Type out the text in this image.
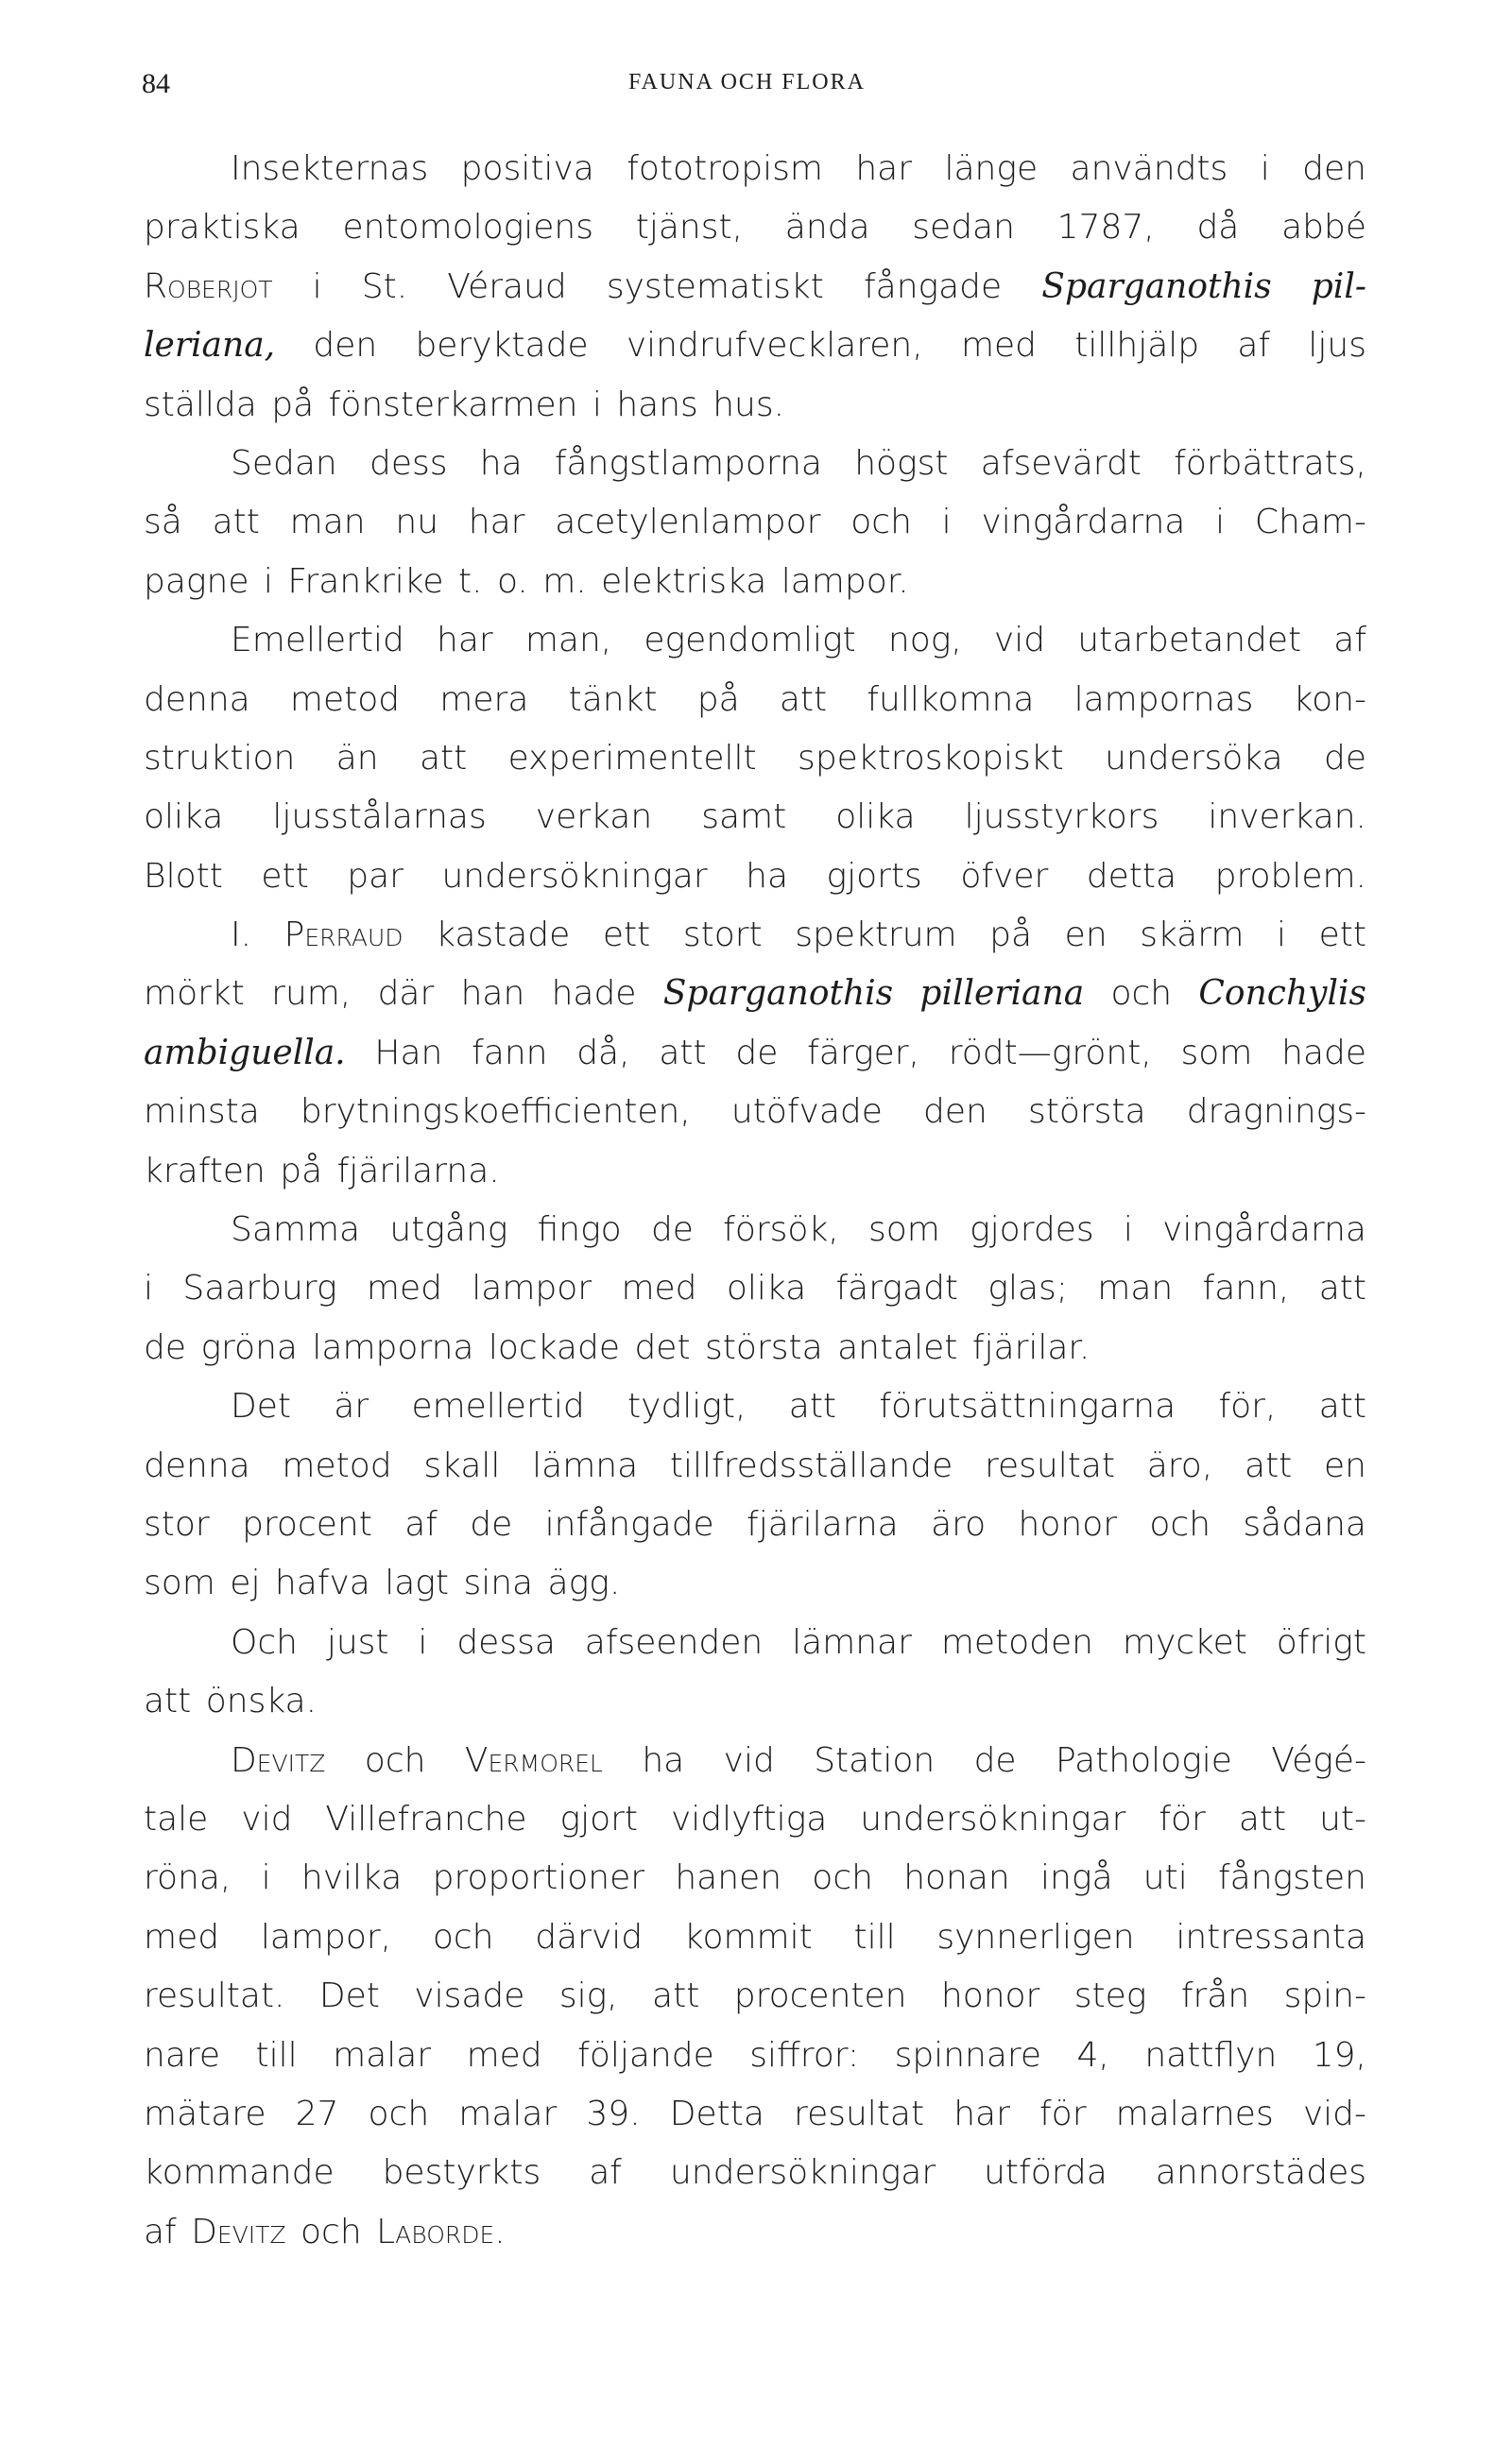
84	FAUNA OCH FLORA
Insekternas positiva fototropism har länge användts i den
praktiska entomologiens tjänst, ända sedan 1787, då abbé
Roberjot i St. Véraud systematiskt fångade Sparganothis pil-
leriana, den beryktade vindrufvecklaren, med tillhjälp af ljus
ställda på fönsterkarmen i hans hus.
Sedan dess ha fångstlamporna högst afsevärdt förbättrats,
så att man nu har acetylenlampor och i vingårdarna i Cham-
pagne i Frankrike t. o. m. elektriska lampor.
Emellertid har man, egendomligt nog, vid utarbetandet af
denna metod mera tänkt på att fullkomna lampornas kon-
struktion än att experimentellt spektroskopiskt undersöka de
olika ljusstålarnas verkan samt olika ljusstyrkors inverkan.
Blott ett par undersökningar ha gjorts öfver detta problem.
I. Perraud kastade ett stort spektrum på en skärm i ett
mörkt rum, där han hade Sparganothis pilleriana och Conchylis
ambiguella. Han fann då, att de färger, rödt—grönt, som hade
minsta brytningskoefficienten, utöfvade den största dragnings-
kraften på fjärilarna.
Samma utgång fingo de försök, som gjordes i vingårdarna
i Saarburg med lampor med olika färgadt glas; man fann, att
de gröna lamporna lockade det största antalet fjärilar.
Det är emellertid tydligt, att förutsättningarna för, att
denna metod skall lämna tillfredsställande resultat äro, att en
stor procent af de infångade fjärilarna äro honor och sådana
som ej hafva lagt sina ägg.
Och just i dessa afseenden lämnar metoden mycket öfrigt
att önska.
Devitz och Vermorel ha vid Station de Pathologie Végé-
tale vid Villefranche gjort vidlyftiga undersökningar för att ut-
röna, i hvilka proportioner hanen och honan ingå uti fångsten
med lampor, och därvid kommit till synnerligen intressanta
resultat. Det visade sig, att procenten honor steg från spin-
nare till malar med följande siffror: spinnare 4, nattflyn 19,
mätare 27 och malar 39. Detta resultat har för malarnes vid-
kommande bestyrkts af undersökningar utförda annorstädes
af Devitz och Laborde.
